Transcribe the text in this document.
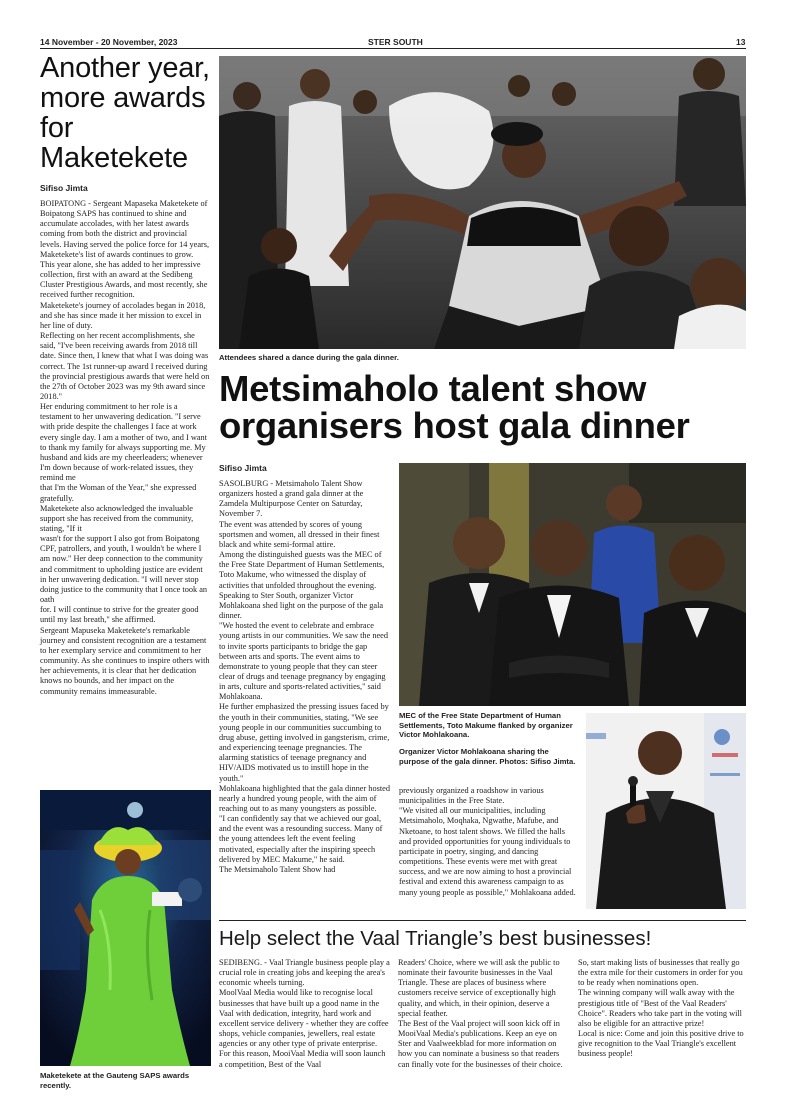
14 November - 20 November, 2023	STER SOUTH	13
Another year, more awards for Maketekete
Sifiso Jimta

BOIPATONG - Sergeant Mapaseka Maketekete of Boipatong SAPS has continued to shine and accumulate accolades, with her latest awards coming from both the district and provincial levels. Having served the police force for 14 years, Maketekete's list of awards continues to grow.

This year alone, she has added to her impressive collection, first with an award at the Sedibeng Cluster Prestigious Awards, and most recently, she received further recognition.

Maketekete's journey of accolades began in 2018, and she has since made it her mission to excel in her line of duty.

Reflecting on her recent accomplishments, she said, "I've been receiving awards from 2018 till date. Since then, I knew that what I was doing was correct. The 1st runner-up award I received during the provincial prestigious awards that were held on the 27th of October 2023 was my 9th award since 2018."

Her enduring commitment to her role is a testament to her unwavering dedication. "I serve with pride despite the challenges I face at work every single day. I am a mother of two, and I want to thank my family for always supporting me. My husband and kids are my cheerleaders; whenever I'm down because of work-related issues, they remind me

that I'm the Woman of the Year," she expressed gratefully.

Maketekete also acknowledged the invaluable support she has received from the community, stating, "If it

wasn't for the support I also got from Boipatong CPF, patrollers, and youth, I wouldn't be where I am now." Her deep connection to the community and commitment to upholding justice are evident in her unwavering dedication. "I will never stop doing justice to the community that I once took an oath

for. I will continue to strive for the greater good until my last breath," she affirmed.

Sergeant Mapuseka Maketekete's remarkable journey and consistent recognition are a testament to her exemplary service and commitment to her community. As she continues to inspire others with her achievements, it is clear that her dedication knows no bounds, and her impact on the community remains immeasurable.

Maketekete at the Gauteng SAPS awards recently.
Attendees shared a dance during the gala dinner.
Metsimaholo talent show organisers host gala dinner
Sifiso Jimta

SASOLBURG - Metsimaholo Talent Show organizers hosted a grand gala dinner at the Zamdela Multipurpose Center on Saturday, November 7.

The event was attended by scores of young sportsmen and women, all dressed in their finest black and white semi-formal attire.

Among the distinguished guests was the MEC of the Free State Department of Human Settlements, Toto Makume, who witnessed the display of activities that unfolded throughout the evening.

Speaking to Ster South, organizer Victor Mohlakoana shed light on the purpose of the gala dinner.

"We hosted the event to celebrate and embrace young artists in our communities. We saw the need to invite sports participants to bridge the gap between arts and sports. The event aims to demonstrate to young people that they can steer clear of drugs and teenage pregnancy by engaging in arts, culture and sports-related activities," said Mohlakoana.

He further emphasized the pressing issues faced by the youth in their communities, stating, "We see young people in our communities succumbing to drug abuse, getting involved in gangsterism, crime, and experiencing teenage pregnancies. The alarming statistics of teenage pregnancy and HIV/AIDS motivated us to instill hope in the youth."

Mohlakoana highlighted that the gala dinner hosted nearly a hundred young people, with the aim of reaching out to as many youngsters as possible.

"I can confidently say that we achieved our goal, and the event was a resounding success. Many of the young attendees left the event feeling motivated, especially after the inspiring speech delivered by MEC Makume," he said.

The Metsimaholo Talent Show had

MEC of the Free State Department of Human Settlements, Toto Makume flanked by organizer Victor Mohlakoana.
Organizer Victor Mohlakoana sharing the purpose of the gala dinner. Photos: Sifiso Jimta.

previously organized a roadshow in various municipalities in the Free State.

"We visited all our municipalities, including Metsimaholo, Moqhaka, Ngwathe, Mafube, and Nketoane, to host talent shows. We filled the halls and provided opportunities for young individuals to participate in poetry, singing, and dancing competitions. These events were met with great success, and we are now aiming to host a provincial festival and extend this awareness campaign to as many young people as possible," Mohlakoana added.

Help select the Vaal Triangle’s best businesses!

SEDIBENG. - Vaal Triangle business people play a crucial role in creating jobs and keeping the area's economic wheels turning.

MoolVaal Media would like to recognise local businesses that have built up a good name in the Vaal with dedication, integrity, hard work and excellent service delivery - whether they are coffee shops, vehicle companies, jewellers, real estate agencies or any other type of private enterprise.

For this reason, MooiVaal Media will soon launch a competition, Best of the Vaal

Readers' Choice, where we will ask the public to nominate their favourite businesses in the Vaal Triangle. These are places of business where customers receive service of exceptionally high quality, and which, in their opinion, deserve a special feather.

The Best of the Vaal project will soon kick off in MooiVaal Media's publications. Keep an eye on Ster and Vaalweekblad for more information on how you can nominate a business so that readers can finally vote for the businesses of their choice.

So, start making lists of businesses that really go the extra mile for their customers in order for you to be ready when nominations open.

The winning company will walk away with the prestigious title of "Best of the Vaal Readers' Choice". Readers who take part in the voting will also be eligible for an attractive prize!

Local is nice: Come and join this positive drive to give recognition to the Vaal Triangle's excellent business people!
